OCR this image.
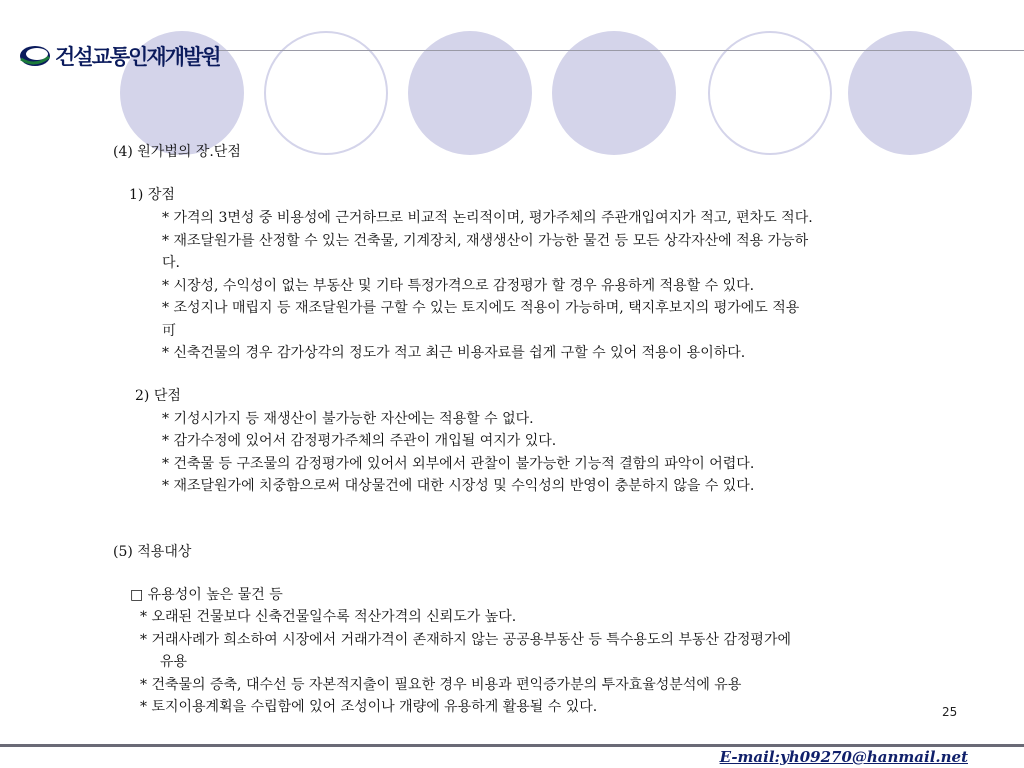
건설교통인재개발원
(4) 원가법의 장.단점
1) 장점
* 가격의 3면성 중 비용성에 근거하므로 비교적 논리적이며, 평가주체의 주관개입여지가 적고, 편차도 적다.
* 재조달원가를 산정할 수 있는 건축물, 기계장치, 재생생산이 가능한 물건 등 모든 상각자산에 적용 가능하
다.
* 시장성, 수익성이 없는 부동산 및 기타 특정가격으로 감정평가 할 경우 유용하게 적용할 수 있다.
* 조성지나 매립지 등 재조달원가를 구할 수 있는 토지에도 적용이 가능하며, 택지후보지의 평가에도 적용
可
* 신축건물의 경우 감가상각의 정도가 적고 최근 비용자료를 쉽게 구할 수 있어 적용이 용이하다.
2) 단점
* 기성시가지 등 재생산이 불가능한 자산에는 적용할 수 없다.
* 감가수정에 있어서 감정평가주체의 주관이 개입될 여지가 있다.
* 건축물 등 구조물의 감정평가에 있어서 외부에서 관찰이 불가능한 기능적 결함의 파악이 어렵다.
* 재조달원가에 치중함으로써 대상물건에 대한 시장성 및 수익성의 반영이 충분하지 않을 수 있다.
(5) 적용대상
□ 유용성이 높은 물건 등
* 오래된 건물보다 신축건물일수록 적산가격의 신뢰도가 높다.
* 거래사례가 희소하여 시장에서 거래가격이 존재하지 않는 공공용부동산 등 특수용도의 부동산 감정평가에
유용
* 건축물의 증축, 대수선 등 자본적지출이 필요한 경우 비용과 편익증가분의 투자효율성분석에 유용
* 토지이용계획을 수립함에 있어 조성이나 개량에 유용하게 활용될 수 있다.	25
E-mail:yh09270@hanmail.net
